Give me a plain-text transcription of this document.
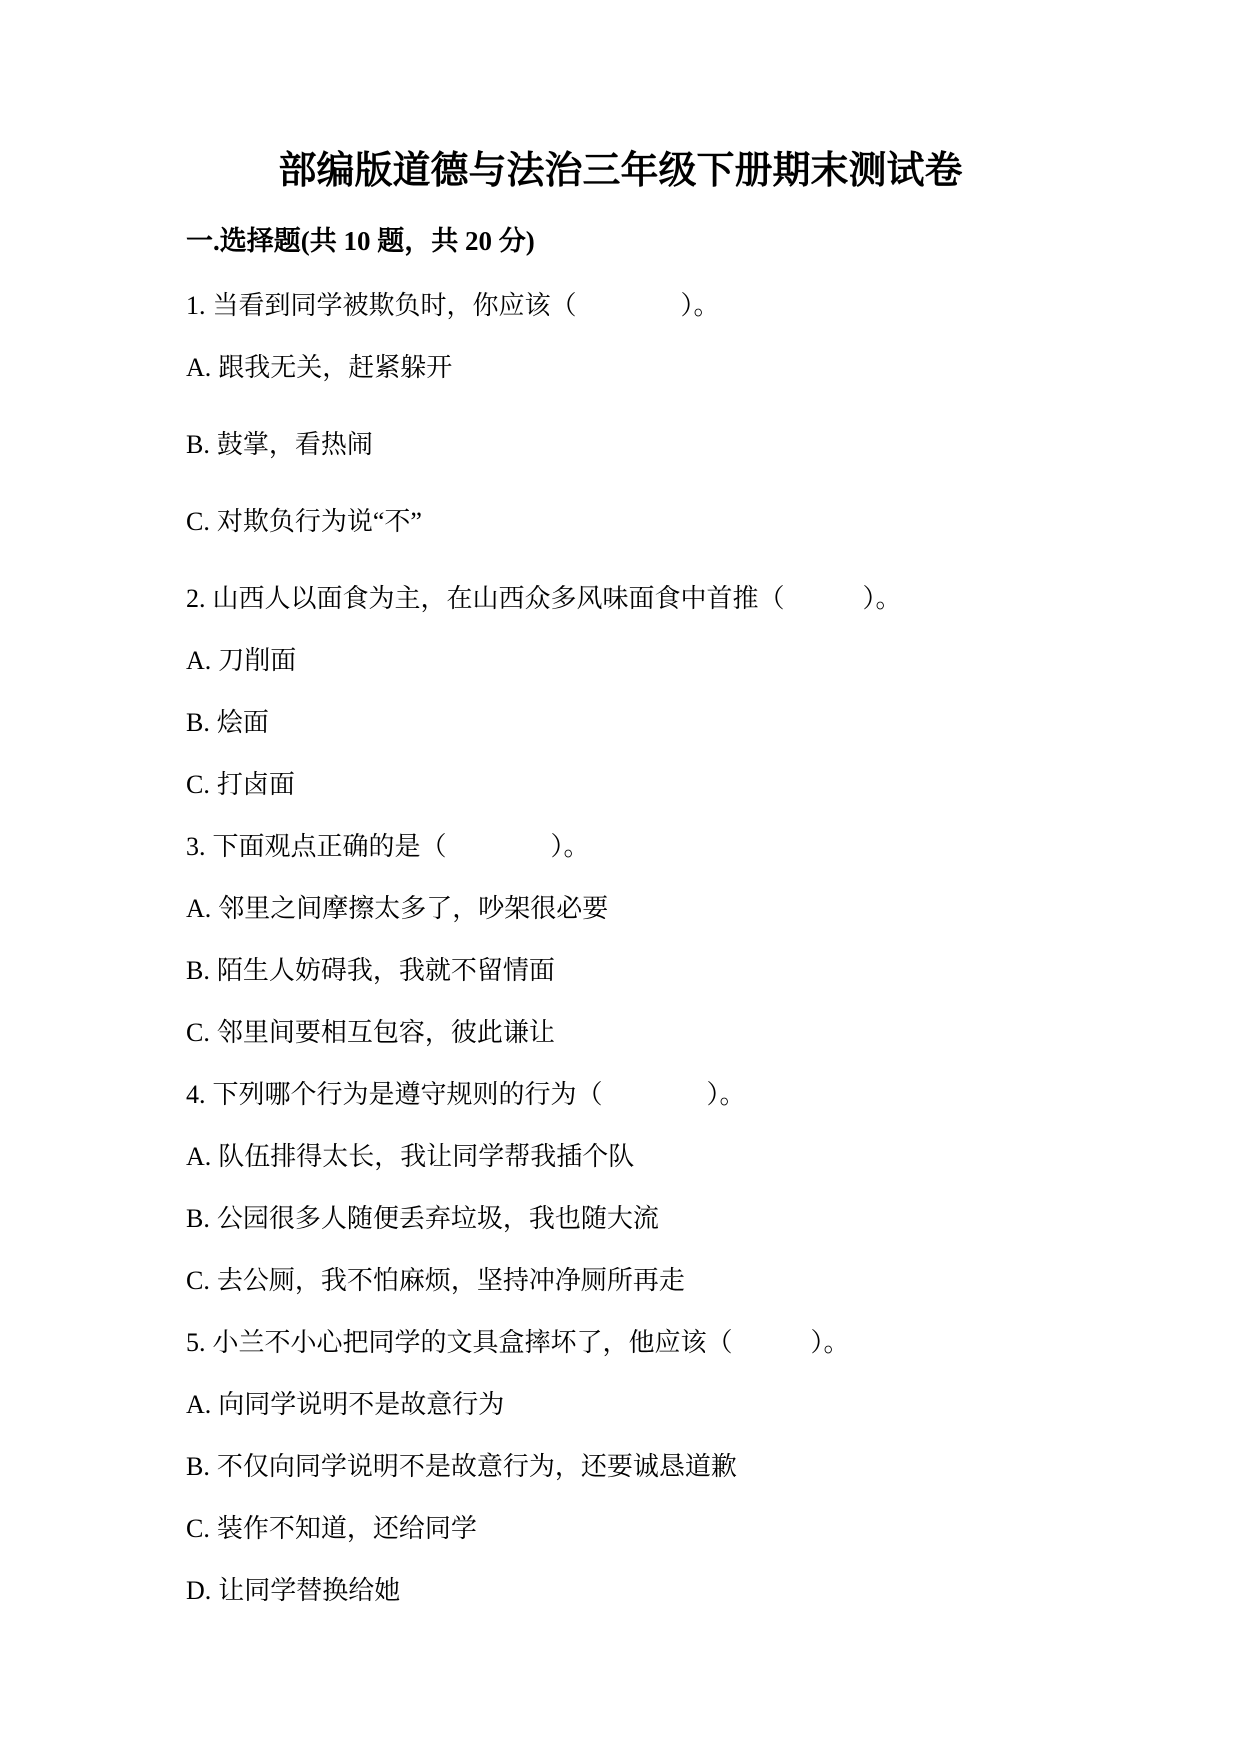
部编版道德与法治三年级下册期末测试卷
一.选择题(共 10 题，共 20 分)

1. 当看到同学被欺负时，你应该（　　　　）。

A. 跟我无关，赶紧躲开

B. 鼓掌，看热闹

C. 对欺负行为说“不”

2. 山西人以面食为主，在山西众多风味面食中首推（　　　）。

A. 刀削面

B. 烩面

C. 打卤面

3. 下面观点正确的是（　　　　）。

A. 邻里之间摩擦太多了，吵架很必要

B. 陌生人妨碍我，我就不留情面

C. 邻里间要相互包容，彼此谦让

4. 下列哪个行为是遵守规则的行为（　　　　）。

A. 队伍排得太长，我让同学帮我插个队

B. 公园很多人随便丢弃垃圾，我也随大流

C. 去公厕，我不怕麻烦，坚持冲净厕所再走

5. 小兰不小心把同学的文具盒摔坏了，他应该（　　　）。

A. 向同学说明不是故意行为

B. 不仅向同学说明不是故意行为，还要诚恳道歉

C. 装作不知道，还给同学

D. 让同学替换给她
